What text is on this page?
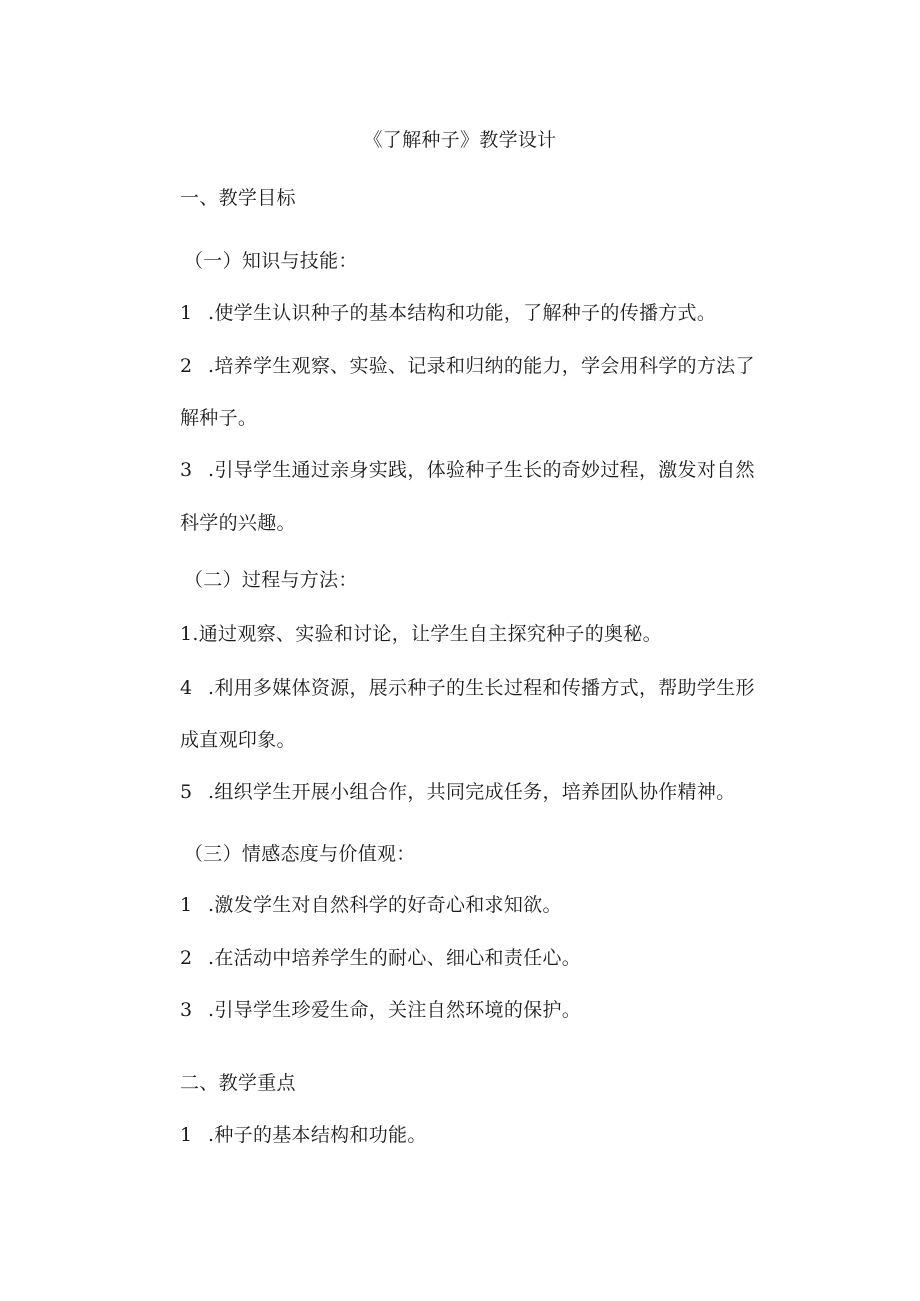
《了解种子》教学设计
一、教学目标
（一）知识与技能：
1 .使学生认识种子的基本结构和功能，了解种子的传播方式。
2 .培养学生观察、实验、记录和归纳的能力，学会用科学的方法了
解种子。
3 .引导学生通过亲身实践，体验种子生长的奇妙过程，激发对自然
科学的兴趣。
（二）过程与方法：
1.通过观察、实验和讨论，让学生自主探究种子的奥秘。
4 .利用多媒体资源，展示种子的生长过程和传播方式，帮助学生形
成直观印象。
5 .组织学生开展小组合作，共同完成任务，培养团队协作精神。
（三）情感态度与价值观：
1 .激发学生对自然科学的好奇心和求知欲。
2 .在活动中培养学生的耐心、细心和责任心。
3 .引导学生珍爱生命，关注自然环境的保护。
二、教学重点
1 .种子的基本结构和功能。
